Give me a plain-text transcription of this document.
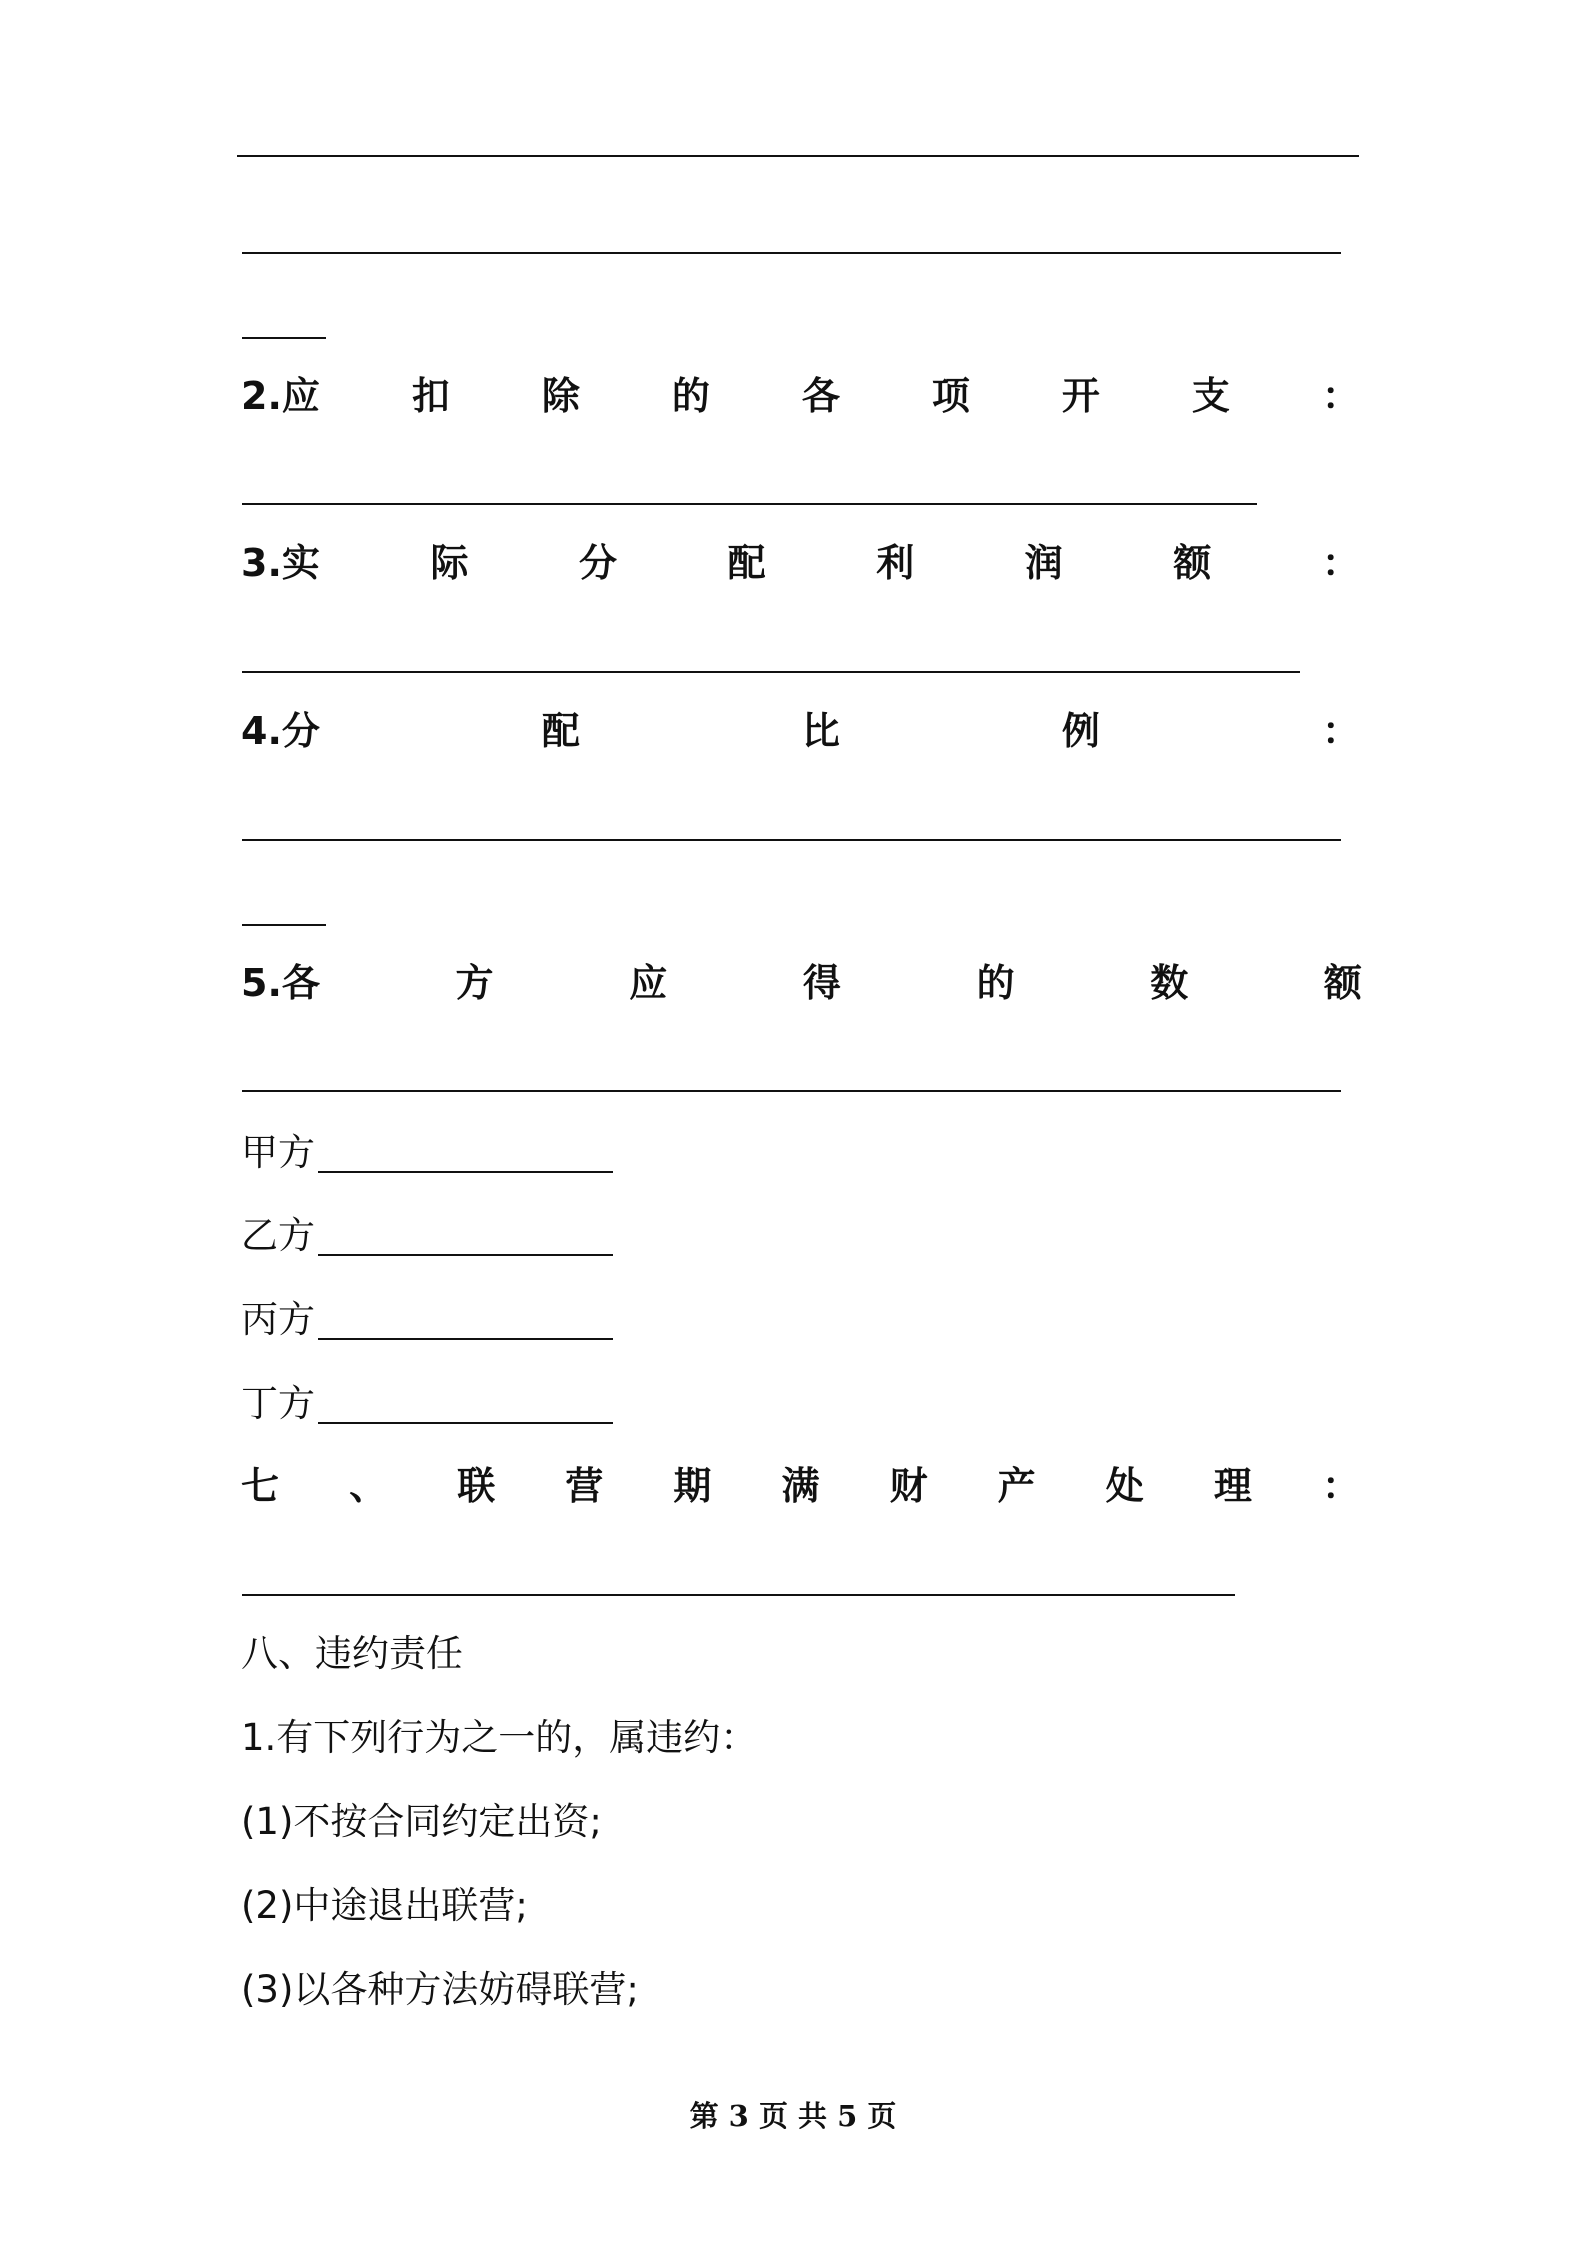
2.应 扣 除 的 各 项 开 支 ：
3.实	际	分	配	利	润	额	：
4.分	配	比	例	：
5.各	方	应	得	的	数	额
甲方
乙方
丙方
丁方
七 、 联 营 期 满 财 产 处 理 ：
八、违约责任
1.有下列行为之一的，属违约：
(1)不按合同约定出资;
(2)中途退出联营;
(3)以各种方法妨碍联营;
第 3 页 共 5 页
